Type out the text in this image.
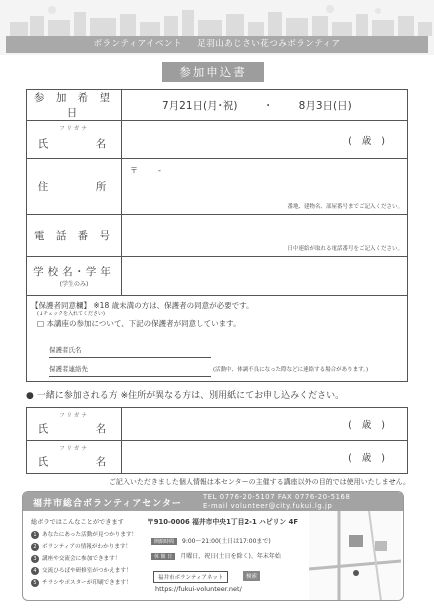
ボランティアイベント 足羽山あじさい花つみボランティア
参加申込書
参 加 希 望 日	7月21日(月･祝) ・ 8月3日(日)

フリガナ
氏　　　名	(歳)

住　　　所	〒　-
番地、建物名、部屋番号までご記入ください。

電 話 番 号	日中連絡が取れる電話番号をご記入ください。

学校名･学年
(学生のみ)	

【保護者同意欄】 ※18 歳未満の方は、保護者の同意が必要です。
(↓チェックを入れてください)
□ 本講座の参加について、下記の保護者が同意しています。
保護者氏名
保護者連絡先	(活動中、体調不良になった際などに連絡する場合があります。)
● 一緒に参加される方 ※住所が異なる方は、別用紙にてお申し込みください。
フリガナ
氏　　　名	(歳)

フリガナ
氏　　　名	(歳)
ご記入いただきました個人情報は本センターの主催する講座以外の目的では使用いたしません。
福井市総合ボランティアセンター
TEL 0776-20-5107 FAX 0776-20-5168
E-mail volunteer@city.fukui.lg.jp
総ボラではこんなことができます
1 あなたにあった活動が見つかります！
2 ボランティアの情報がわかります！
3 講座や交流会に参加できます！
4 交流ひろばや研修室がつかえます！
5 チラシやポスターが印刷できます！
〒910-0006 福井市中央1丁目2-1 ハピリン 4F
開館時間 9:00～21:00(土日は17:00まで)
休 館 日 月曜日、祝日(土日を除く)、年末年始
福井市ボランティアネット	検索
https://fukui-volunteer.net/
